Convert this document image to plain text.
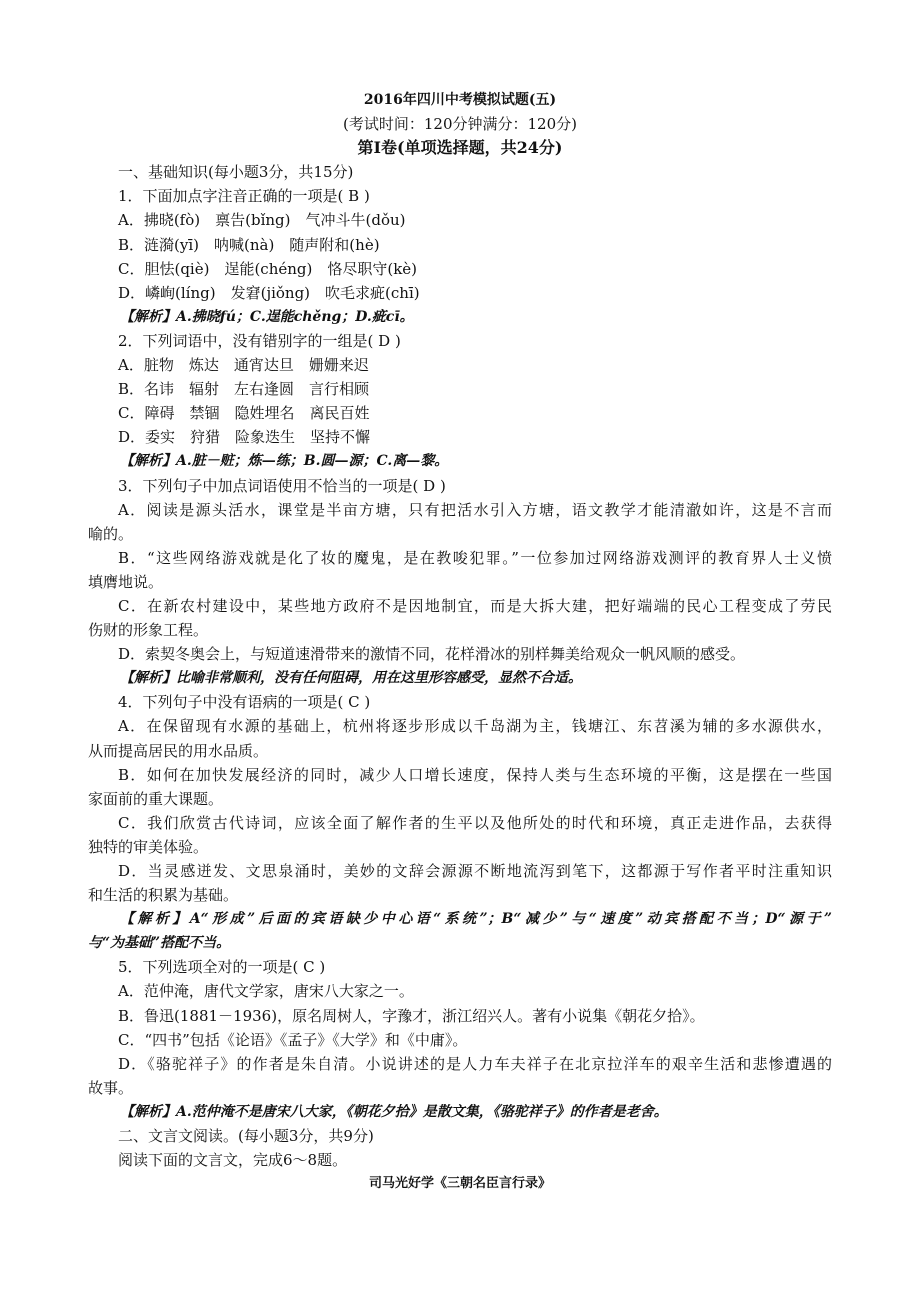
2016年四川中考模拟试题(五)
(考试时间：120分钟满分：120分)
第Ⅰ卷(单项选择题，共24分)
一、基础知识(每小题3分，共15分)
1．下面加点字注音正确的一项是( B )
A．拂晓(fò)　禀告(bǐng)　气冲斗牛(dǒu)
B．涟漪(yī)　呐喊(nà)　随声附和(hè)
C．胆怯(qiè)　逞能(chéng)　恪尽职守(kè)
D．嶙峋(líng)　发窘(jiǒng)　吹毛求疵(chī)
【解析】A.拂晓fú；C.逞能chěng；D.疵cī。
2．下列词语中，没有错别字的一组是( D )
A．脏物　炼达　通宵达旦　姗姗来迟
B．名讳　辐射　左右逢圆　言行相顾
C．障碍　禁锢　隐姓埋名　离民百姓
D．委实　狩猎　险象迭生　坚持不懈
【解析】A.脏－赃；炼—练；B.圆—源；C.离—黎。
3．下列句子中加点词语使用不恰当的一项是( D )
A．阅读是源头活水，课堂是半亩方塘，只有把活水引入方塘，语文教学才能清澈如许，这是不言而
喻的。
B．“这些网络游戏就是化了妆的魔鬼，是在教唆犯罪。”一位参加过网络游戏测评的教育界人士义愤
填膺地说。
C．在新农村建设中，某些地方政府不是因地制宜，而是大拆大建，把好端端的民心工程变成了劳民
伤财的形象工程。
D．索契冬奥会上，与短道速滑带来的激情不同，花样滑冰的别样舞美给观众一帆风顺的感受。
【解析】比喻非常顺利，没有任何阻碍，用在这里形容感受，显然不合适。
4．下列句子中没有语病的一项是( C )
A．在保留现有水源的基础上，杭州将逐步形成以千岛湖为主，钱塘江、东苕溪为辅的多水源供水，
从而提高居民的用水品质。
B．如何在加快发展经济的同时，减少人口增长速度，保持人类与生态环境的平衡，这是摆在一些国
家面前的重大课题。
C．我们欣赏古代诗词，应该全面了解作者的生平以及他所处的时代和环境，真正走进作品，去获得
独特的审美体验。
D．当灵感迸发、文思泉涌时，美妙的文辞会源源不断地流泻到笔下，这都源于写作者平时注重知识
和生活的积累为基础。
【解析】A“形成”后面的宾语缺少中心语“系统”；B“减少”与“速度”动宾搭配不当；D“源于”
与“为基础”搭配不当。
5．下列选项全对的一项是( C )
A．范仲淹，唐代文学家，唐宋八大家之一。
B．鲁迅(1881－1936)，原名周树人，字豫才，浙江绍兴人。著有小说集《朝花夕拾》。
C．“四书”包括《论语》《孟子》《大学》和《中庸》。
D．《骆驼祥子》的作者是朱自清。小说讲述的是人力车夫祥子在北京拉洋车的艰辛生活和悲惨遭遇的
故事。
【解析】A.范仲淹不是唐宋八大家，《朝花夕拾》是散文集，《骆驼祥子》的作者是老舍。
二、文言文阅读。(每小题3分，共9分)
阅读下面的文言文，完成6～8题。
司马光好学《三朝名臣言行录》
